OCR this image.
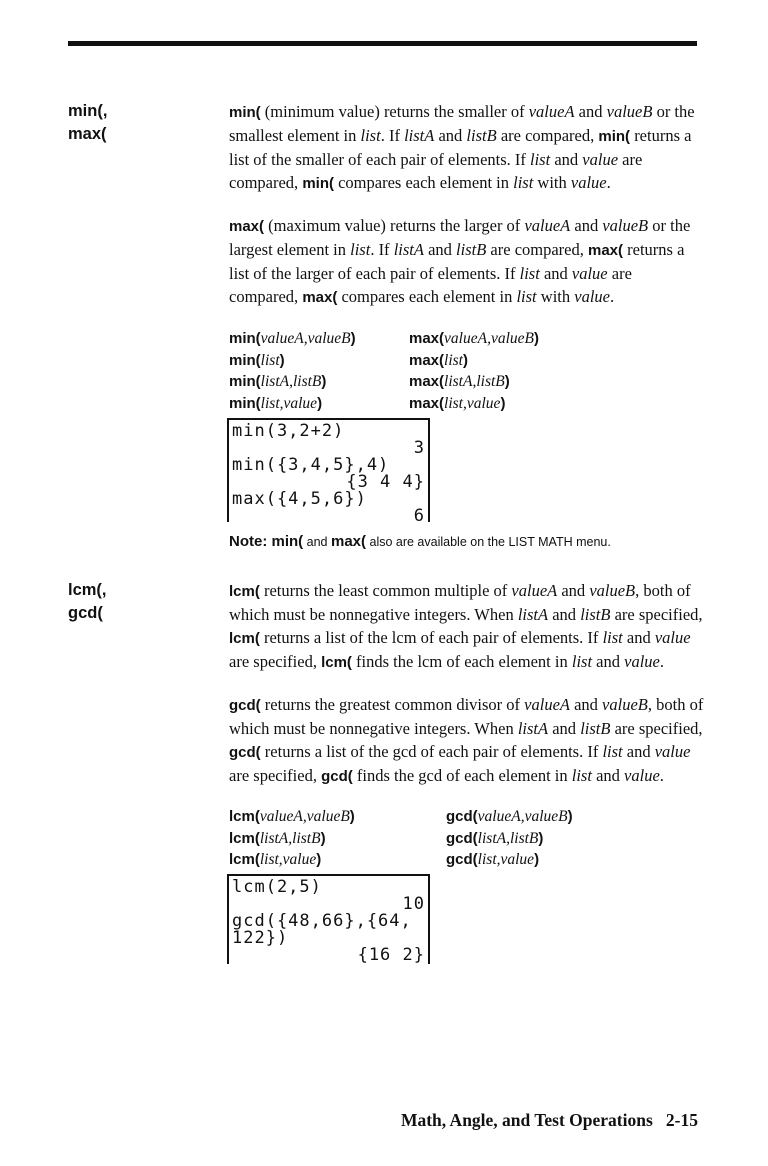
min(,
max(

min( (minimum value) returns the smaller of valueA and valueB or the smallest element in list. If listA and listB are compared, min( returns a list of the smaller of each pair of elements. If list and value are compared, min( compares each element in list with value.

max( (maximum value) returns the larger of valueA and valueB or the largest element in list. If listA and listB are compared, max( returns a list of the larger of each pair of elements. If list and value are compared, max( compares each element in list with value.

min(valueA,valueB)
min(list)
min(listA,listB)
min(list,value)
max(valueA,valueB)
max(list)
max(listA,listB)
max(list,value)
min(3,2+2)
3
min({3,4,5},4)
{3 4 4}
max({4,5,6})
6
Note: min( and max( also are available on the LIST MATH menu.
lcm(,
gcd(

lcm( returns the least common multiple of valueA and valueB, both of which must be nonnegative integers. When listA and listB are specified, lcm( returns a list of the lcm of each pair of elements. If list and value are specified, lcm( finds the lcm of each element in list and value.

gcd( returns the greatest common divisor of valueA and valueB, both of which must be nonnegative integers. When listA and listB are specified, gcd( returns a list of the gcd of each pair of elements. If list and value are specified, gcd( finds the gcd of each element in list and value.

lcm(valueA,valueB)
lcm(listA,listB)
lcm(list,value)
gcd(valueA,valueB)
gcd(listA,listB)
gcd(list,value)
lcm(2,5)
10
gcd({48,66},{64,
122})
{16 2}
Math, Angle, and Test Operations   2-15
